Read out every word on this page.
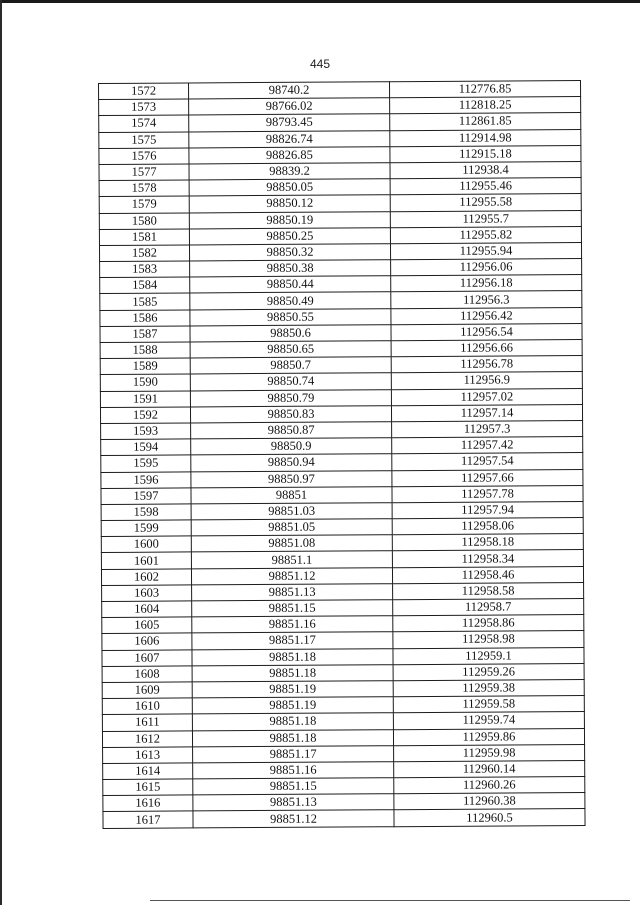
445
1572	98740.2	112776.85
1573	98766.02	112818.25
1574	98793.45	112861.85
1575	98826.74	112914.98
1576	98826.85	112915.18
1577	98839.2	112938.4
1578	98850.05	112955.46
1579	98850.12	112955.58
1580	98850.19	112955.7
1581	98850.25	112955.82
1582	98850.32	112955.94
1583	98850.38	112956.06
1584	98850.44	112956.18
1585	98850.49	112956.3
1586	98850.55	112956.42
1587	98850.6	112956.54
1588	98850.65	112956.66
1589	98850.7	112956.78
1590	98850.74	112956.9
1591	98850.79	112957.02
1592	98850.83	112957.14
1593	98850.87	112957.3
1594	98850.9	112957.42
1595	98850.94	112957.54
1596	98850.97	112957.66
1597	98851	112957.78
1598	98851.03	112957.94
1599	98851.05	112958.06
1600	98851.08	112958.18
1601	98851.1	112958.34
1602	98851.12	112958.46
1603	98851.13	112958.58
1604	98851.15	112958.7
1605	98851.16	112958.86
1606	98851.17	112958.98
1607	98851.18	112959.1
1608	98851.18	112959.26
1609	98851.19	112959.38
1610	98851.19	112959.58
1611	98851.18	112959.74
1612	98851.18	112959.86
1613	98851.17	112959.98
1614	98851.16	112960.14
1615	98851.15	112960.26
1616	98851.13	112960.38
1617	98851.12	112960.5
